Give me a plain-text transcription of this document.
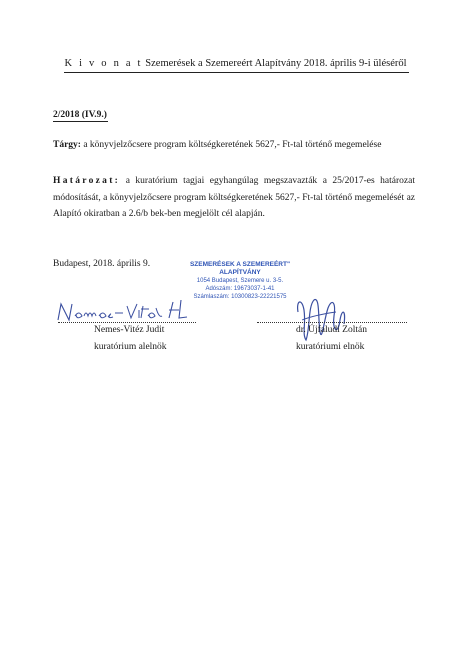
K i v o n a t Szemerések a Szemereért Alapítvány 2018. április 9-i üléséről
2/2018 (IV.9.)
Tárgy: a könyvjelzőcsere program költségkeretének 5627,- Ft-tal történő megemelése
Határozat: a kuratórium tagjai egyhangúlag megszavazták a 25/2017-es határozat módosítását, a könyvjelzőcsere program költségkeretének 5627,- Ft-tal történő megemelését az Alapító okiratban a 2.6/b bek-ben megjelölt cél alapján.
Budapest, 2018. április 9.	SZEMERÉSEK A SZEMEREÉRT"
ALAPÍTVÁNY
1054 Budapest, Szemere u. 3-5.
Adószám: 19673037-1-41
Számlaszám: 10300823-22221575
Nemes-Vitéz Judit
kuratórium alelnök
dr. Újfaludi Zoltán
kuratóriumi elnök
